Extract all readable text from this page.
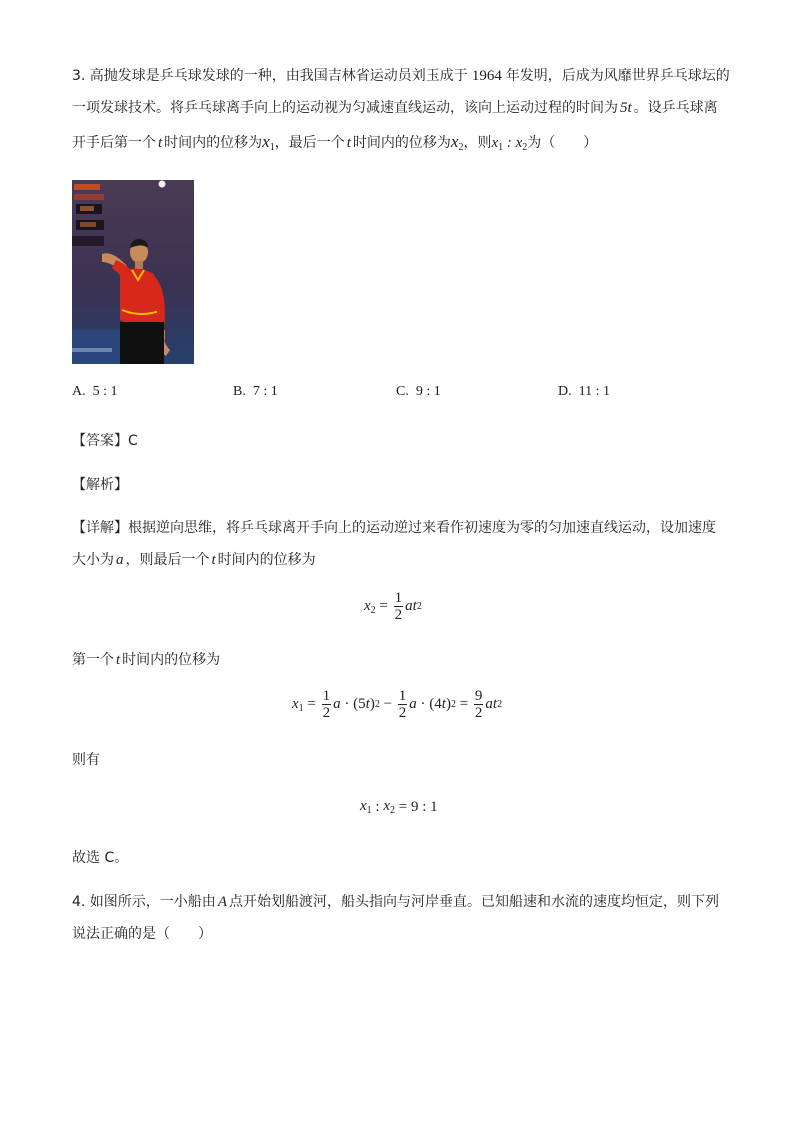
3. 高抛发球是乒乓球发球的一种，由我国吉林省运动员刘玉成于 1964 年发明，后成为风靡世界乒乓球坛的
一项发球技术。将乒乓球离手向上的运动视为匀减速直线运动，该向上运动过程的时间为 5t 。设乒乓球离
开手后第一个 t 时间内的位移为$x_1$，最后一个 t 时间内的位移为$x_2$，则$x_1$ : $x_2$为（　　）
A. 5 : 1	B. 7 : 1	C. 9 : 1	D. 11 : 1
【答案】C
【解析】
【详解】根据逆向思维，将乒乓球离开手向上的运动逆过来看作初速度为零的匀加速直线运动，设加速度
大小为 a ，则最后一个 t 时间内的位移为
$x_2 = \frac{1}{2}$ at 2
第一个 t 时间内的位移为
$x_1 = \frac{1}{2}$ a · (5 t ) $2 - \frac{1}{2}$ a · (4 t ) $2 = \frac{9}{2}$ at 2
则有
$x_1$ : $x_2 = 9$ : 1
故选 C。
4. 如图所示，一小船由 A 点开始划船渡河，船头指向与河岸垂直。已知船速和水流的速度均恒定，则下列
说法正确的是（　　）
